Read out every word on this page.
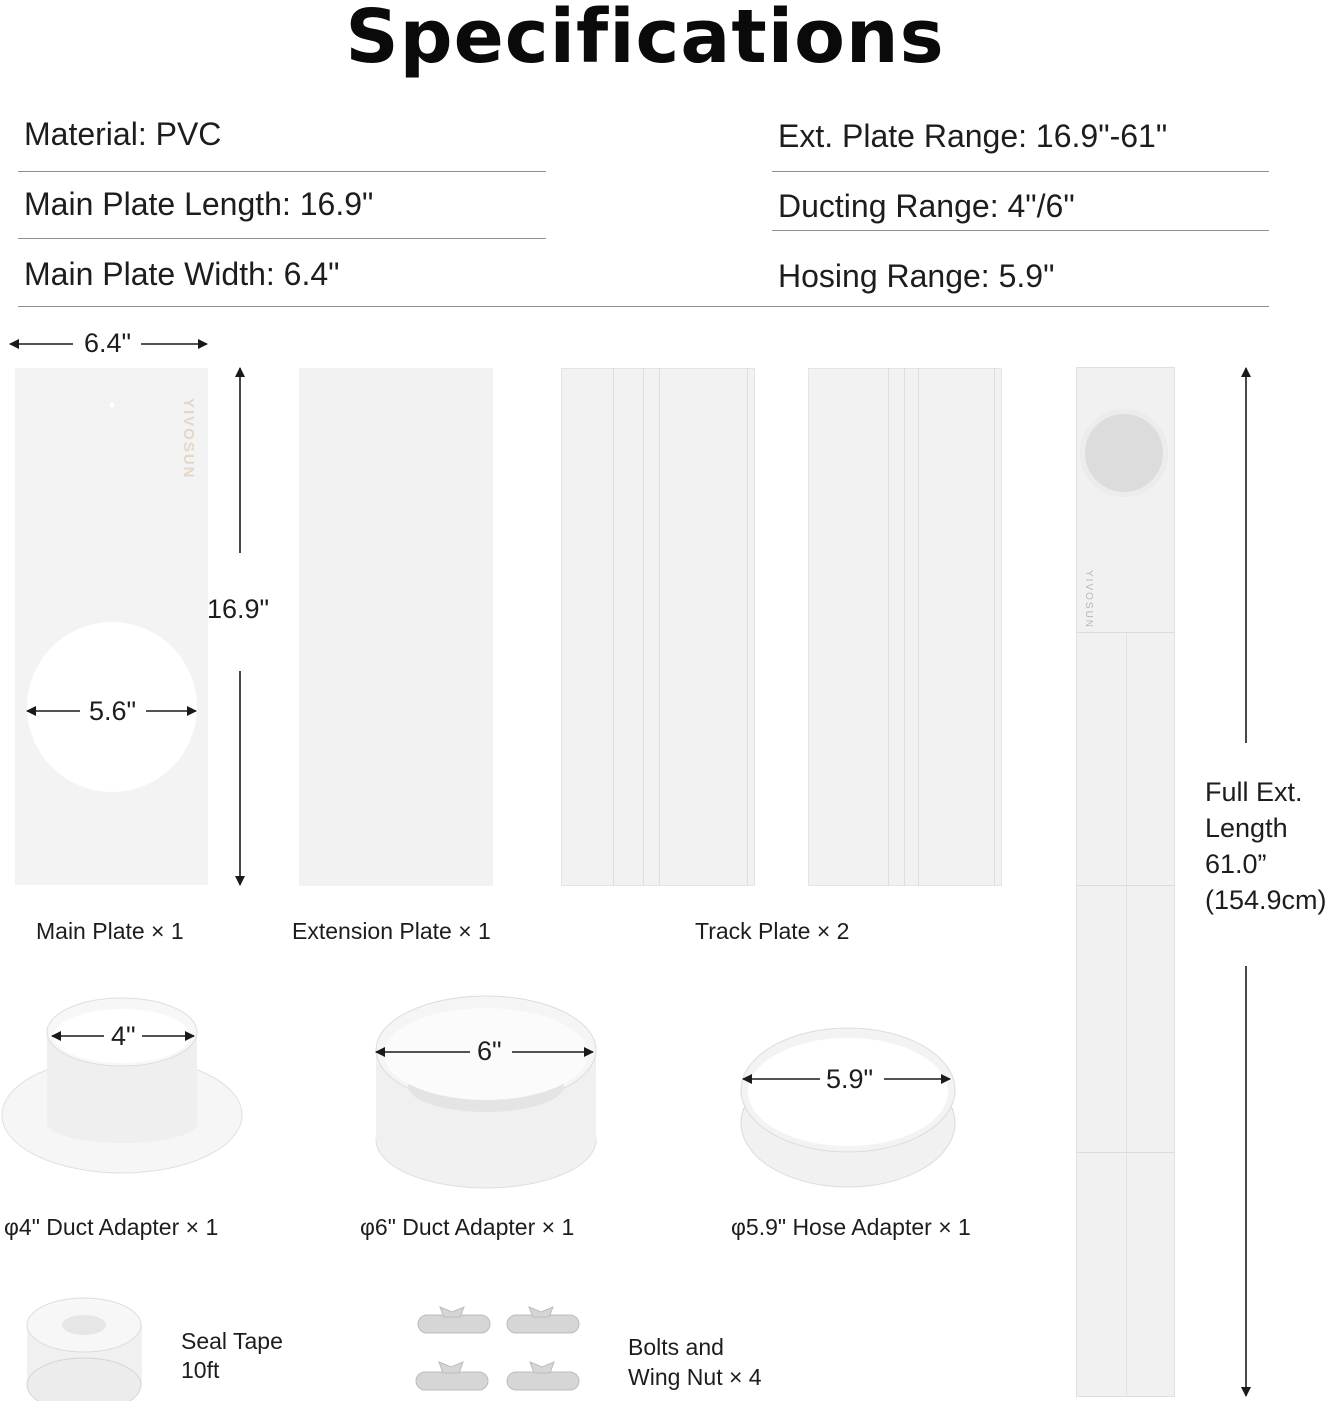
Specifications
Material: PVC
Main Plate Length: 16.9"
Main Plate Width: 6.4"
Ext. Plate Range: 16.9"-61"
Ducting Range: 4"/6"
Hosing Range: 5.9"
YIVOSUN
YIVOSUN
6.4"
16.9"
5.6"
4"	6"
5.9"
Full Ext.
Length
61.0”
(154.9cm)
Main Plate × 1	Extension Plate × 1	Track Plate × 2
φ4" Duct Adapter × 1	φ6" Duct Adapter × 1	φ5.9" Hose Adapter × 1
Seal Tape
10ft
Bolts and
Wing Nut × 4
